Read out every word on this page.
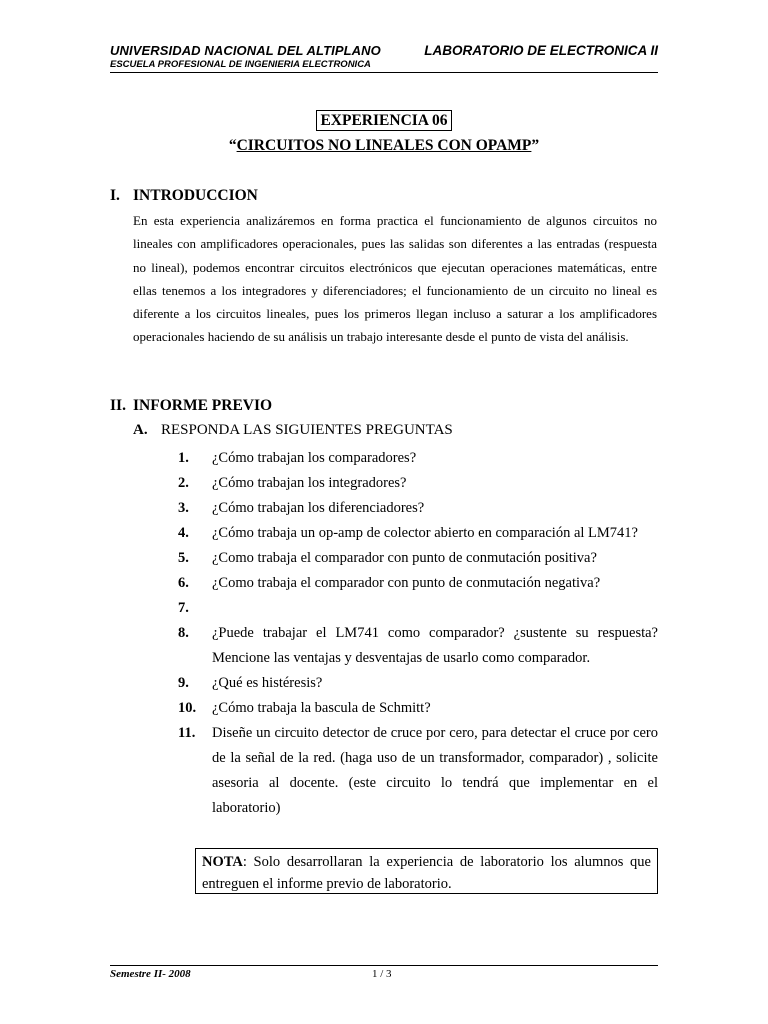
UNIVERSIDAD NACIONAL DEL ALTIPLANO	LABORATORIO DE ELECTRONICA II
ESCUELA PROFESIONAL DE INGENIERIA ELECTRONICA
EXPERIENCIA 06
“CIRCUITOS NO LINEALES CON OPAMP”
I. INTRODUCCION
En esta experiencia analizáremos en forma practica el funcionamiento de algunos circuitos no lineales con amplificadores operacionales, pues las salidas son diferentes a las entradas (respuesta no lineal), podemos encontrar circuitos electrónicos que ejecutan operaciones matemáticas, entre ellas tenemos a los integradores y diferenciadores; el funcionamiento de un circuito no lineal es diferente a los circuitos lineales, pues los primeros llegan incluso a saturar a los amplificadores operacionales haciendo de su análisis un trabajo interesante desde el punto de vista del análisis.
II. INFORME PREVIO
A. RESPONDA LAS SIGUIENTES PREGUNTAS
1. ¿Cómo trabajan los comparadores?
2. ¿Cómo trabajan los integradores?
3. ¿Cómo trabajan los diferenciadores?
4. ¿Cómo trabaja un op-amp de colector abierto en comparación al LM741?
5. ¿Como trabaja el comparador con punto de conmutación positiva?
6. ¿Como trabaja el comparador con punto de conmutación negativa?
7.
8. ¿Puede trabajar el LM741 como comparador? ¿sustente su respuesta? Mencione las ventajas y desventajas de usarlo como comparador.
9. ¿Qué es histéresis?
10. ¿Cómo trabaja la bascula de Schmitt?
11. Diseñe un circuito detector de cruce por cero, para detectar el cruce por cero de la señal de la red. (haga uso de un transformador, comparador) , solicite asesoria al docente. (este circuito lo tendrá que implementar en el laboratorio)
NOTA: Solo desarrollaran la experiencia de laboratorio los alumnos que entreguen el informe previo de laboratorio.
Semestre II- 2008	1 / 3
